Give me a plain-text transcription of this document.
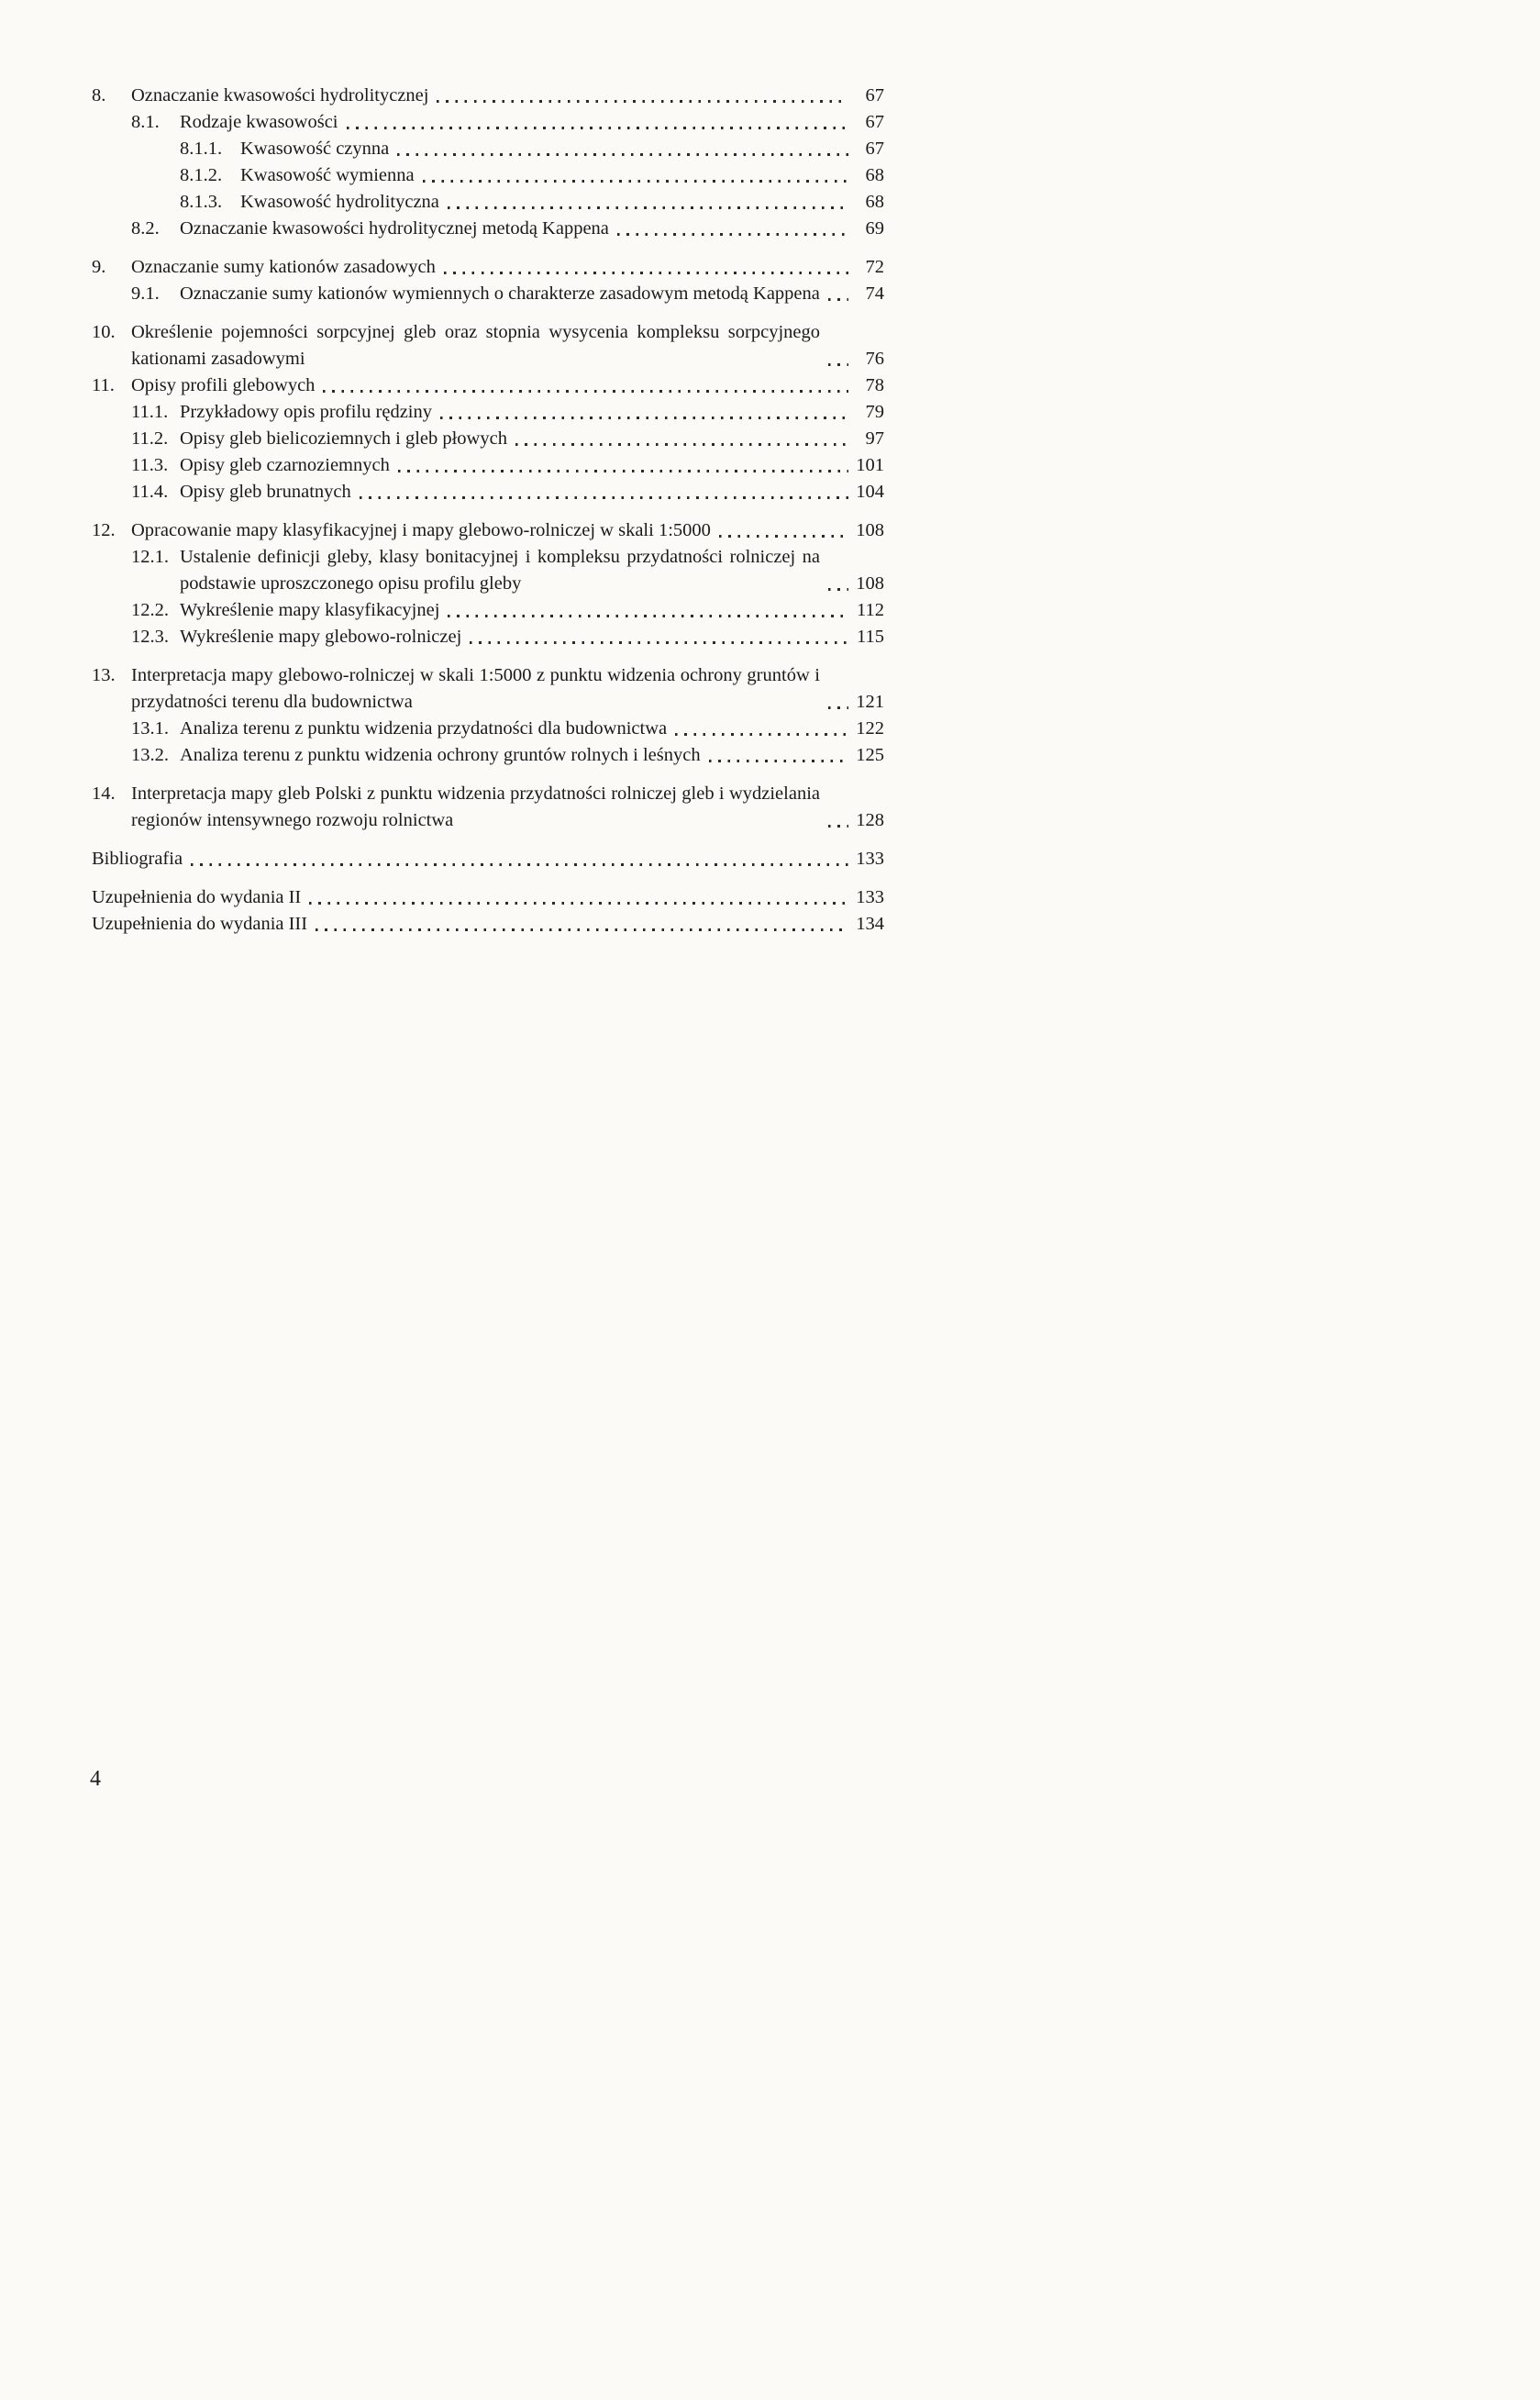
8.	Oznaczanie kwasowości hydrolitycznej	67
8.1.	Rodzaje kwasowości	67
8.1.1. Kwasowość czynna	67
8.1.2. Kwasowość wymienna	68
8.1.3. Kwasowość hydrolityczna	68
8.2.	Oznaczanie kwasowości hydrolitycznej metodą Kappena	69
9.	Oznaczanie sumy kationów zasadowych	72
9.1.	Oznaczanie sumy kationów wymiennych o charakterze zasadowym metodą Kappena	74
10. Określenie pojemności sorpcyjnej gleb oraz stopnia wysycenia kompleksu sorpcyjnego kationami zasadowymi	76
11. Opisy profili glebowych	78
11.1. Przykładowy opis profilu rędziny	79
11.2. Opisy gleb bielicoziemnych i gleb płowych	97
11.3. Opisy gleb czarnoziemnych	101
11.4. Opisy gleb brunatnych	104
12. Opracowanie mapy klasyfikacyjnej i mapy glebowo-rolniczej w skali 1:5000	108
12.1. Ustalenie definicji gleby, klasy bonitacyjnej i kompleksu przydatności rolniczej na podstawie uproszczonego opisu profilu gleby	108
12.2. Wykreślenie mapy klasyfikacyjnej	112
12.3. Wykreślenie mapy glebowo-rolniczej	115
13. Interpretacja mapy glebowo-rolniczej w skali 1:5000 z punktu widzenia ochrony gruntów i przydatności terenu dla budownictwa	121
13.1. Analiza terenu z punktu widzenia przydatności dla budownictwa	122
13.2. Analiza terenu z punktu widzenia ochrony gruntów rolnych i leśnych	125
14. Interpretacja mapy gleb Polski z punktu widzenia przydatności rolniczej gleb i wydzielania regionów intensywnego rozwoju rolnictwa	128
Bibliografia	133
Uzupełnienia do wydania II	133
Uzupełnienia do wydania III	134
4
